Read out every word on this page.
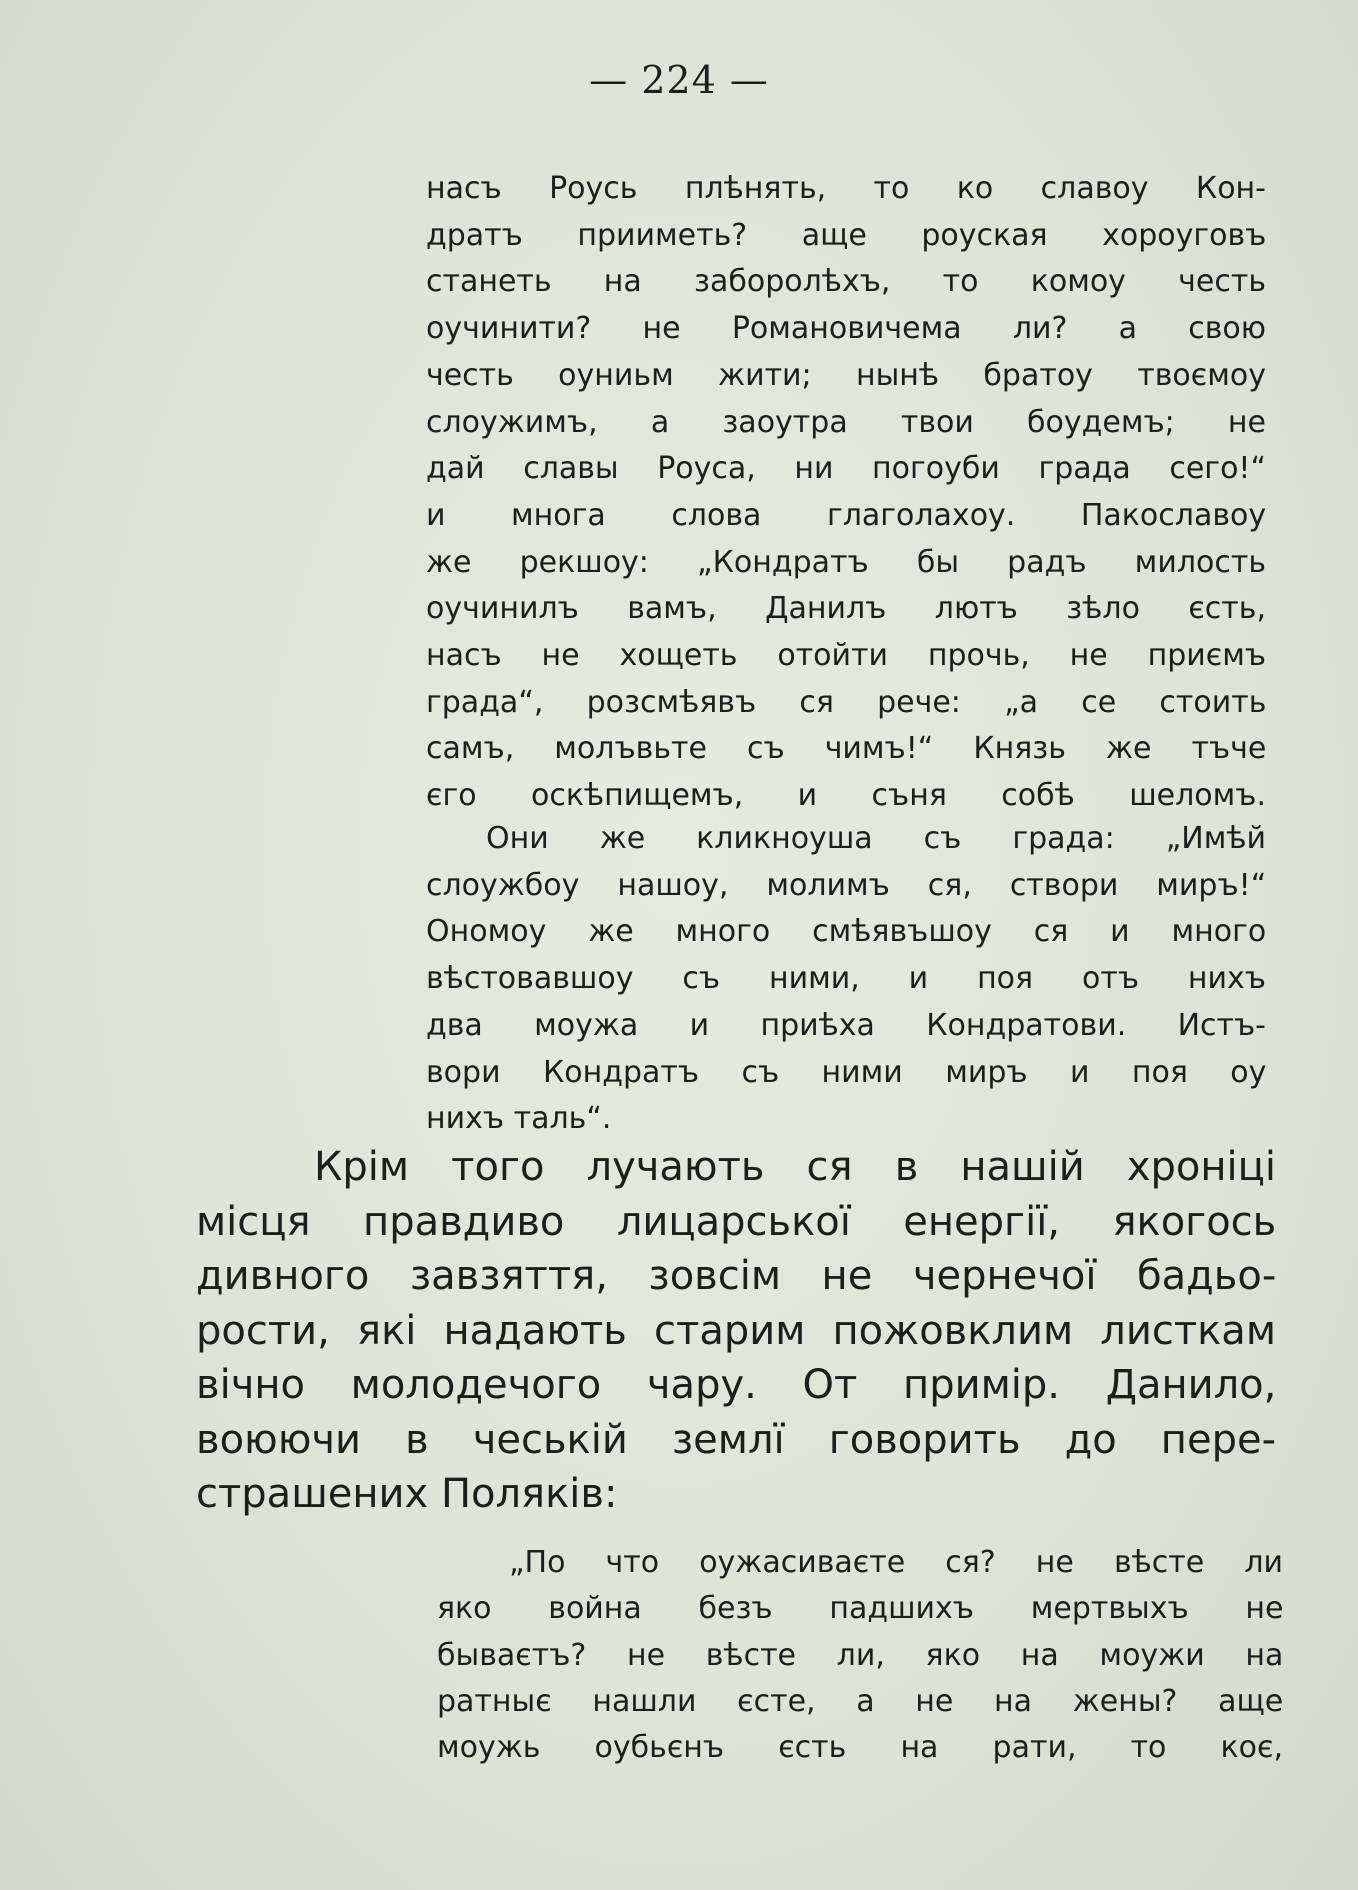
— 224 —
насъ Роусь плѣнять, то ко славоу Кон-
дратъ прииметь? аще роуская хороуговъ
станеть на заборолѣхъ, то комоу честь
оучинити? не Романовичема ли? а свою
честь оуниьм жити; нынѣ братоу твоємоу
слоужимъ, а заоутра твои боудемъ; не
дай славы Роуса, ни погоуби града сего!“
и многа слова глаголахоу. Пакославоу
же рекшоу: „Кондратъ бы радъ милость
оучинилъ вамъ, Данилъ лютъ зѣло єсть,
насъ не хощеть отойти прочь, не приємъ
града“, розсмѣявъ ся рече: „а се стоить
самъ, молъвьте съ чимъ!“ Князь же тъче
єго оскѣпищемъ, и съня собѣ шеломъ.
Они же кликноуша съ града: „Имѣй
слоужбоу нашоу, молимъ ся, створи миръ!“
Ономоу же много смѣявъшоу ся и много
вѣстовавшоу съ ними, и поя отъ нихъ
два моужа и приѣха Кондратови. Истъ-
вори Кондратъ съ ними миръ и поя оу
нихъ таль“.
Крім того лучають ся в нашій хроніці
місця правдиво лицарської енергії, якогось
дивного завзяття, зовсім не чернечої бадьо-
рости, які надають старим пожовклим листкам
вічно молодечого чару. От примір. Данило,
воюючи в чеській землї говорить до пере-
страшених Поляків:
„По что оужасиваєте ся? не вѣсте ли
яко война безъ падшихъ мертвыхъ не
бываєтъ? не вѣсте ли, яко на моужи на
ратныє нашли єсте, а не на жены? аще
моужь оубьєнъ єсть на рати, то коє,
